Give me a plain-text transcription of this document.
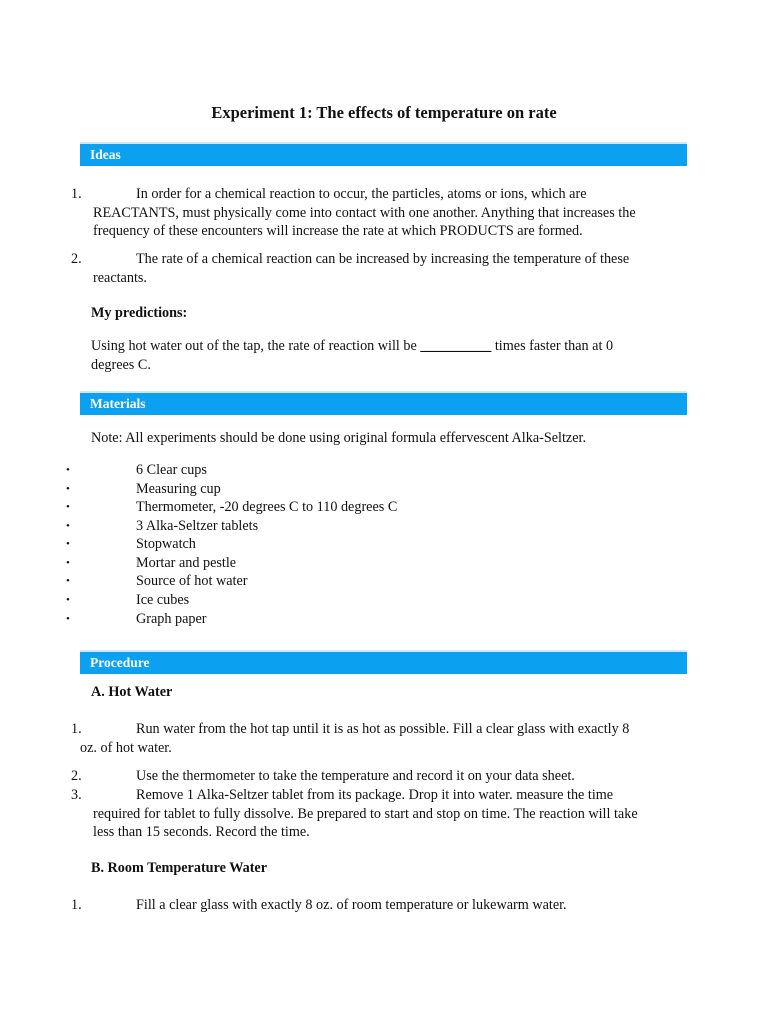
Experiment 1: The effects of temperature on rate
Ideas
1.	In order for a chemical reaction to occur, the particles, atoms or ions, which are
REACTANTS, must physically come into contact with one another. Anything that increases the
frequency of these encounters will increase the rate at which PRODUCTS are formed.
2.	The rate of a chemical reaction can be increased by increasing the temperature of these
reactants.
My predictions:
Using hot water out of the tap, the rate of reaction will be __________ times faster than at 0
degrees C.
Materials
Note: All experiments should be done using original formula effervescent Alka-Seltzer.
•	6 Clear cups
•	Measuring cup
•	Thermometer, -20 degrees C to 110 degrees C
•	3 Alka-Seltzer tablets
•	Stopwatch
•	Mortar and pestle
•	Source of hot water
•	Ice cubes
•	Graph paper
Procedure
A. Hot Water
1.	Run water from the hot tap until it is as hot as possible. Fill a clear glass with exactly 8
oz. of hot water.
2.	Use the thermometer to take the temperature and record it on your data sheet.
3.	Remove 1 Alka-Seltzer tablet from its package. Drop it into water. measure the time
required for tablet to fully dissolve. Be prepared to start and stop on time. The reaction will take
less than 15 seconds. Record the time.
B. Room Temperature Water
1.	Fill a clear glass with exactly 8 oz. of room temperature or lukewarm water.
